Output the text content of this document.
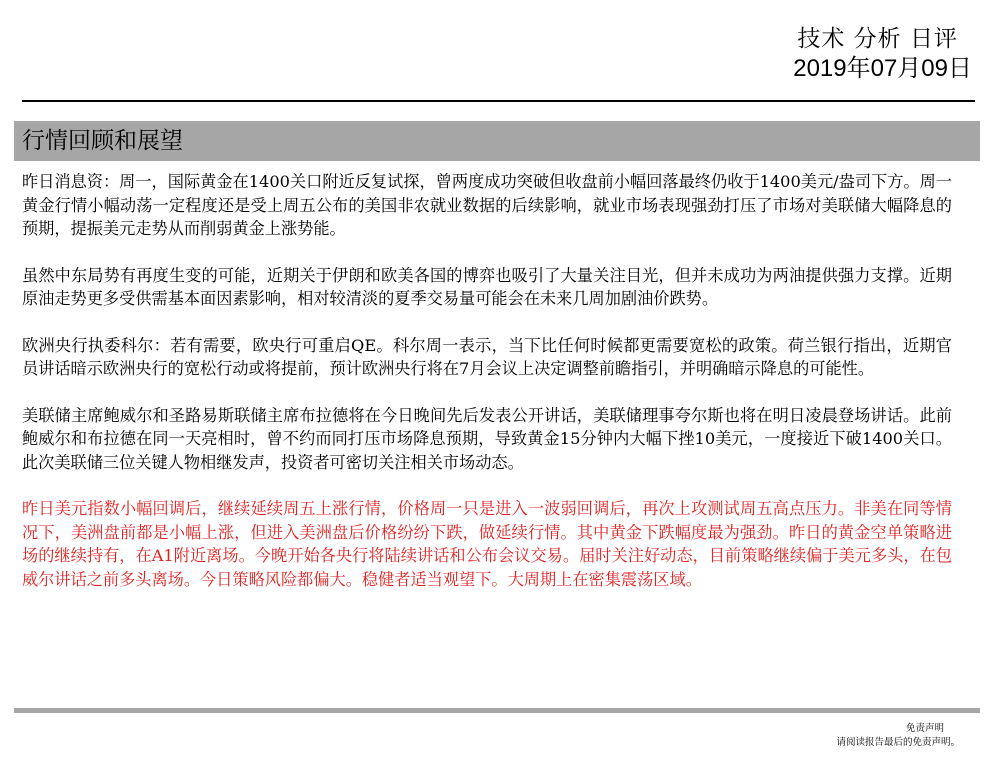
技术 分析 日评
2019年07月09日
行情回顾和展望

昨日消息资：周一，国际黄金在1400关口附近反复试探，曾两度成功突破但收盘前小幅回落最终仍收于1400美元/盎司下方。周一黄金行情小幅动荡一定程度还是受上周五公布的美国非农就业数据的后续影响，就业市场表现强劲打压了市场对美联储大幅降息的预期，提振美元走势从而削弱黄金上涨势能。

虽然中东局势有再度生变的可能，近期关于伊朗和欧美各国的博弈也吸引了大量关注目光，但并未成功为两油提供强力支撑。近期原油走势更多受供需基本面因素影响，相对较清淡的夏季交易量可能会在未来几周加剧油价跌势。

欧洲央行执委科尔：若有需要，欧央行可重启QE。科尔周一表示，当下比任何时候都更需要宽松的政策。荷兰银行指出，近期官员讲话暗示欧洲央行的宽松行动或将提前，预计欧洲央行将在7月会议上决定调整前瞻指引，并明确暗示降息的可能性。

美联储主席鲍威尔和圣路易斯联储主席布拉德将在今日晚间先后发表公开讲话，美联储理事夸尔斯也将在明日凌晨登场讲话。此前鲍威尔和布拉德在同一天亮相时，曾不约而同打压市场降息预期，导致黄金15分钟内大幅下挫10美元，一度接近下破1400关口。此次美联储三位关键人物相继发声，投资者可密切关注相关市场动态。

昨日美元指数小幅回调后，继续延续周五上涨行情，价格周一只是进入一波弱回调后，再次上攻测试周五高点压力。非美在同等情况下，美洲盘前都是小幅上涨，但进入美洲盘后价格纷纷下跌，做延续行情。其中黄金下跌幅度最为强劲。昨日的黄金空单策略进场的继续持有，在A1附近离场。今晚开始各央行将陆续讲话和公布会议交易。届时关注好动态，目前策略继续偏于美元多头，在包威尔讲话之前多头离场。今日策略风险都偏大。稳健者适当观望下。大周期上在密集震荡区域。

免责声明
请阅读报告最后的免责声明。
